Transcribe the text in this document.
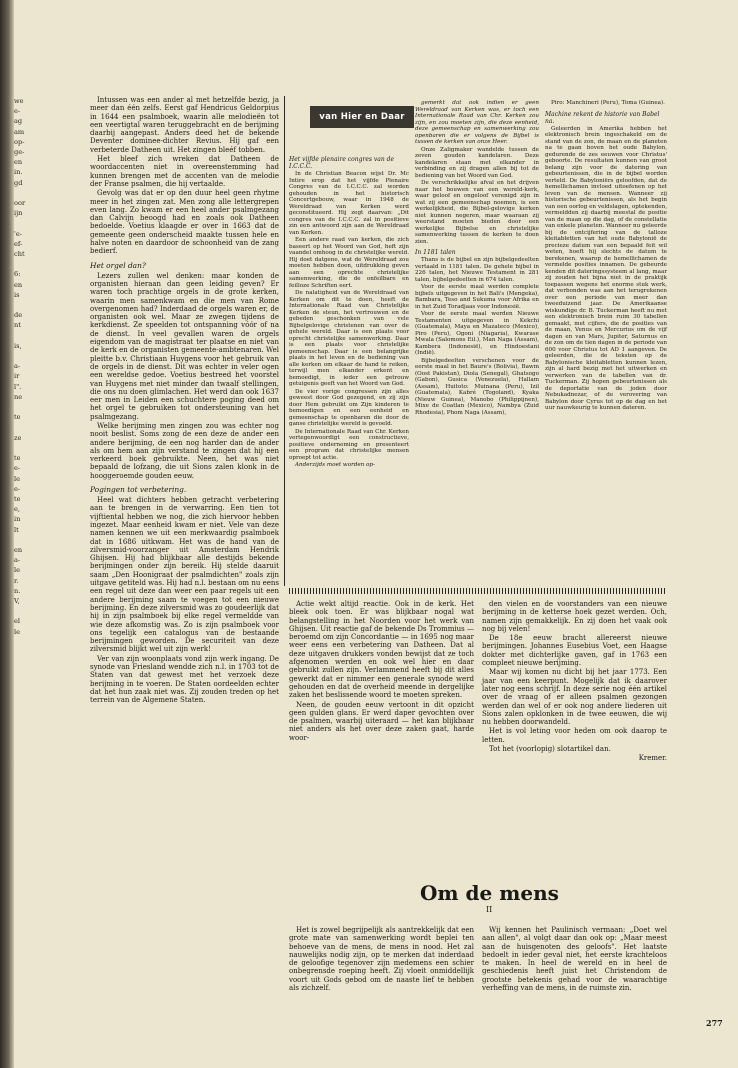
we
e-
ag
am
op-
ge-
en
in.
gd

oor
ijn

'e-
ef-
cht

6:
en
is

de
nt

is,

a-
ir
l".
ne

te

ze

te
e-
le
e-
te
e,
in
lt

en
a-
le
r.
n.
V,

el
le

Intussen was een ander al met hetzelfde bezig, ja meer dan één zelfs. Eerst gaf Hendricus Geldorpius in 1644 een psalmboek, waarin alle melodieën tot een veertigtal waren teruggebracht en de berijming daarbij aangepast. Anders deed het de bekende Deventer dominee-dichter Revius. Hij gaf een verbeterde Datheen uit. Het zingen bleéf tobben.

Het bleef zich wreken dat Datheen de woordaccenten niet in overeenstemming had kunnen brengen met de accenten van de melodie der Franse psalmen, die hij vertaalde.

Gevolg was dat er op den duur heel geen rhytme meer in het zingen zat. Men zong alle lettergrepen even lang. Zo kwam er een heel ander psalmgezang dan Calvijn beoogd had en zoals ook Datheen bedoelde. Voetius klaagde er over in 1663 dat de gemeente geen onderscheid maakte tussen hele en halve noten en daardoor de schoonheid van de zang bedierf.

Het orgel dan?

Lezers zullen wel denken: maar konden de organisten hieraan dan geen leiding geven? Er waren toch prachtige orgels in de grote kerken, waarin men samenkwam en die men van Rome overgenomen had? Inderdaad de orgels waren er, de organisten ook wel. Maar ze zwegen tijdens de kerkdienst. Ze speelden tot ontspanning vóór of na de dienst. In veel gevallen waren de orgels eigendom van de magistraat ter plaatse en niet van de kerk en de organisten gemeente-ambtenaren. Wel pleitte b.v. Christiaan Huygens voor het gebruik van de orgels in de dienst. Dit was echter in veler ogen een wereldse gedoe. Voetius bestreed het voorstel van Huygens met niet minder dan twaalf stellingen, die ons nu doen glimlachen. Het werd dan ook 1637 eer men in Leiden een schuchtere poging deed om het orgel te gebruiken tot ondersteuning van het psalmgezang.

Welke berijming men zingen zou was echter nog nooit beslist. Soms zong de een deze de ander een andere berijming, de een nog harder dan de ander als om hem aan zijn verstand te zingen dat hij een verkeerd boek gebruikte. Neen, het was niet bepaald de lofzang, die uit Sions zalen klonk in de hooggeroemde gouden eeuw.

Pogingen tot verbetering.

Heel wat dichters hebben getracht verbetering aan te brengen in de verwarring. Een tien tot vijftiental hebben we nog, die zich hiervoor hebben ingezet. Maar eenheid kwam er niet. Vele van deze namen kennen we uit een merkwaardig psalmboek dat in 1686 uitkwam. Het was de hand van de zilversmid-voorzanger uit Amsterdam Hendrik Ghijsen. Hij had blijkbaar alle destijds bekende berijmingen onder zijn bereik. Hij stelde daaruit saam „Den Hoonigraat der psalmdichten" zoals zijn uitgave getiteld was. Hij had n.l. bestaan om nu eens een regel uit deze dan weer een paar regels uit een andere berijming saam te voegen tot een nieuwe berijming. En deze zilversmid was zo goudeerlijk dat hij in zijn psalmboek bij elke regel vermeldde van wie deze afkomstig was. Zo is zijn psalmboek voor ons tegelijk een catalogus van de bestaande berijmingen geworden. De securiteit van deze zilversmid blijkt wel uit zijn werk!

Ver van zijn woonplaats vond zijn werk ingang. De synode van Friesland wendde zich n.l. in 1703 tot de Staten van dat gewest met het verzoek deze berijming in te voeren. De Staten oordeelden echter dat het hun zaak niet was. Zij zouden treden op het terrein van de Algemene Staten.

van Hier en Daar
Het vijfde plenaire congres van de I.C.C.C.

In de Christian Beacon wijst Dr. Mc Intire erop dat het vijfde Plenaire Congres van de I.C.C.C. zal worden gehouden in het historisch Concertgebouw, waar in 1948 de Wereldraad van Kerken werd geconstitueerd. Hij zegt daarvan: „Dit congres van de I.C.C.C. zal in positieve zin een antwoord zijn aan de Wereldraad van Kerken.

Een andere raad van kerken, die zich baseert op het Woord van God, heft zijn vaandel omhoog in de christelijke wereld. Hij doet datgene, wat de Wereldraad zou moeten hebben doen, uitdrukking geven aan een oprechte christelijke samenwerking, die de onfeilbare en feilloze Schriften eert.

De nalatigheid van de Wereldraad van Kerken om dit te doen, heeft de Internationale Raad van Christelijke Kerken de steun, het vertrouwen en de gebeden geschonken van vele Bijbelgelovige christenen van over de gehele wereld. Daar is een plaats voor oprecht christelijke samenwerking. Daar is een plaats voor christelijke gemeenschap. Daar is een belangrijke plaats in het leven en de bediening van alle kerken om elkaar de hand te reiken, terwijl men elkander erkent en bemoedigt, in ieder een getrouw getuigenis geeft van het Woord van God.

De vier vorige congressen zijn alles geweest door God gezegend, en zij zijn door Hem gebruikt om Zijn kinderen te bemoedigen en een eenheid en gemeenschap te openbaren die door de ganse christelijke wereld is gevoeld.

De Internationale Raad van Chr. Kerken vertegenwoordigt een constructieve, positieve onderneming en presenteert een program dat christelijke mensen oproept tot actie.

Anderzijds moet worden op-

gemerkt dat ook indien er geen Wereldraad van Kerken was, er toch een Internationale Raad van Chr. Kerken zou zijn, en zou moeten zijn, die deze eenheid, deze gemeenschap en samenwerking zou openbaren die er volgens de Bijbel is tussen de kerken van onze Heer.

Onze Zaligmaker wandelde tussen de zeven gouden kandelaren. Deze kandelaren staan met elkander in verbinding en zij dragen allen bij tot de bediening van het Woord van God.

De verschrikkelijke afval en het drijven naar het bouwen van een wereld-kerk, waar geloof en ongeloof verenigd zijn in wat zij een gemeenschap noemen, is een werkelijkheid, die Bijbel-gelovige kerken niet kunnen negeren, maar waaraan zij weerstand moeten bieden door een werkelijke Bijbelse en christelijke samenwerking tussen de kerken te doen zien.

In 1181 talen

Thans is de bijbel en zijn bijbelgedeelten vertaald in 1181 talen. De gehele bijbel in 226 talen, het Nieuwe Testament in 281 talen, bijbelgedeelten in 674 talen.

Voor de eerste maal werden complete bijbels uitgegeven in het Bali's (Mengeka), Bambara, Teso and Sukuma voor Afrika en in het Zuid Toradjaas voor Indonesië.

Voor de eerste maal werden Nieuwe Testamenten uitgegeven in Kekchi (Guatemala), Maya en Mazateco (Mexico), Piro (Peru), Ogoni (Niagaria), Kwarase Mwala (Salomons Eil.), Man Naga (Assam), Kambera (Indonesië), en Hindoestani (Indië).

Bijbelgedeelten verschenen voor de eerste maal in het Baure's (Bolivia), Bawm (Oost Pakistan), Diola (Senegal), Ghatsogo (Gabon), Gusica (Venezuela), Hallam (Assam), Huitoto: Muinana (Peru), Izil (Guatemala), Kabré (Togoland), Kyaka (Nieuw Guinea), Manobo (Philippijnen), Mixe de Coatlan (Mexico), Nambya (Zuid Rhodesia), Phom Naga (Assam),

Piro: Manchineri (Peru), Toma (Guinea).

Machine rekent de historie van Babel na.

Geleerden in Amerika hebben het elektronisch brein ingeschakeld om de stand van de zon, de maan en de planeten na te gaan boven het oude Babylon, gedurende de zes eeuwen voor Christus' geboorte. De resultaten kunnen van groot belang zijn voor de datering van gebeurtenissen, die in de bijbel worden verteld. De Babyloniërs geloofden, dat de hemellichamen invloed uitoefenen op het leven van de mensen. Wanneer zij historische gebeurtenissen, als het begin van een oorlog en veldslagen, optekenden, vermeldden zij daarbij meestal de positie van de maan op die dag, of de constellatie van enkele planeten. Wanneer nu geleerde bij de ontcijfering van de talloze kleitabletten van het oude Babylonië de precieze datum van een bepaald feit wil weten, hoeft hij slechts de datum te berekenen, waarop de hemellichamen de vermelde posities innamen. De gebeurde kenden dit dateringssysteem al lang, maar zij zouden het bijna niet in de praktijk toepassen wegens het enorme stuk werk, dat verbonden was aan het terugrekenen over een periode van meer dan tweeduizend jaar. De Amerikaanse wiskundige dr. B. Tuckerman heeft nu met een elektronisch brein ruim 30 tabellen gemaakt, met cijfers, die de posities van de maan, Venus en Mercurius om de vijf dagen en van Mars, Jupiter, Saturnus en de zon om de tien dagen in de periode van 600 voor Christus tot AD 1 aangeven. De geleerden, die de teksten op de Babylonische kleitabletten kunnen lezen, zijn al hard bezig met het uitwerken en verwerken van de tabellen van dr. Tuckerman. Zij hopen gebeurtenissen als de deportatie van de joden door Nebukadnezar, of de verovering van Babylon door Cyrus tot op de dag en het uur nauwkeurig te kunnen dateren.

Actie wekt altijd reactie. Ook in de kerk. Het bleek ook toen. Er was blijkbaar nogal wat belangstelling in het Noorden voor het werk van Ghijsen. Uit reactie gaf de bekende Ds Trommius — beroemd om zijn Concordantie — in 1695 nog maar weer eens een verbetering van Datheen. Dat al deze uitgaven drukkers vonden bewijst dat ze toch afgenomen werden en ook wel hier en daar gebruikt zullen zijn. Verlammend heeft bij dit alles gewerkt dat er nimmer een generale synode werd gehouden en dat de overheid meende in dergelijke zaken het beslissende woord te moeten spreken.

Neen, de gouden eeuw vertoont in dit opzicht geen gulden glans. Er werd daper gevochten over de psalmen, waarbij uiteraard — het kan blijkbaar niet anders als het over deze zaken gaat, harde woor-

den vielen en de voorstanders van een nieuwe berijming in de ketterse hoek gezet werden. Och, namen zijn gemakkelijk. En zij doen het vaak ook nog bij velen!

De 18e eeuw bracht allereerst nieuwe berijmingen. Johannes Eusebius Voet, een Haagse dokter met dichterlijke gaven, gaf in 1763 een compleet nieuwe berijming.

Maar wij komen nu dicht bij het jaar 1773. Een jaar van een keerpunt. Mogelijk dat ik daarover later nog eens schrijf. In deze serie nog één artikel over de vraag of er alleen psalmen gezongen werden dan wel of er ook nog andere liederen uit Sions zalen opklonken in de twee eeuwen, die wij nu hebben doorwandeld.

Het is vol leting voor heden om ook daarop te letten.

Tot het (voorlopig) slotartikel dan.

Kremer.
Om de mens
II

Het is zowel begrijpelijk als aantrekkelijk dat een grote mate van samenwerking wordt beplei ten behoeve van de mens, de mens in nood. Het zal nauwelijks nodig zijn, op te merken dat inderdaad de geloofige tegenover zijn medemens een schier onbegrensde roeping heeft. Zij vloeit onmiddellijk voort uit Gods gebod om de naaste lief te hebben als zichzelf.

Wij kennen het Paulinisch vermaan: „Doet wel aan allen", al volgt daar dan ook op: „Maar meest aan de huisgenoten des geloofs". Het laatste bedoelt in ieder geval niet, het eerste krachteloos te maken. In heel de wereld en in heel de geschiedenis heeft juist het Christendom de grootste betekenis gehad voor de waarachtige verheffing van de mens, in de ruimste zin.

277
